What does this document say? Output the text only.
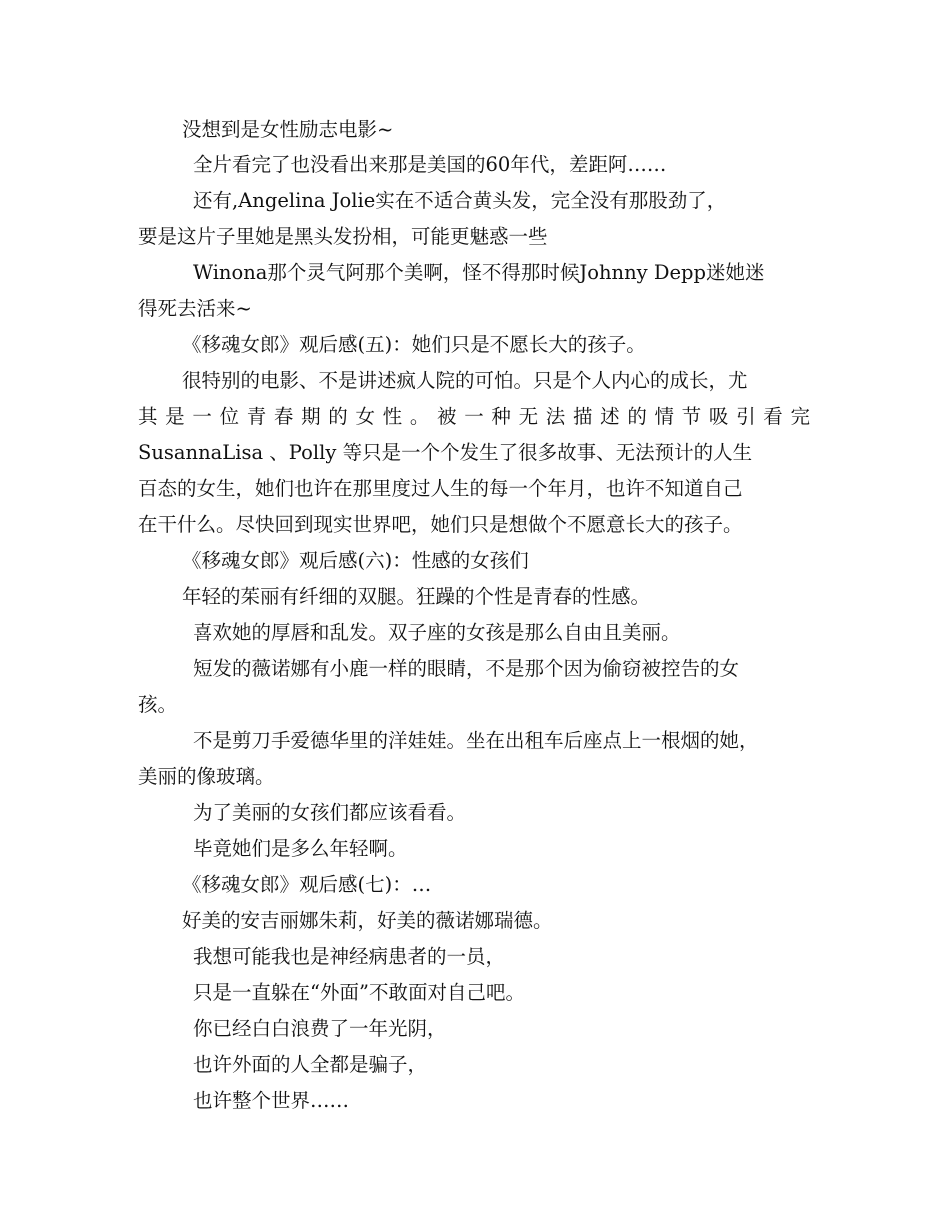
没想到是女性励志电影~
全片看完了也没看出来那是美国的60年代，差距阿……
还有,Angelina Jolie实在不适合黄头发，完全没有那股劲了，
要是这片子里她是黑头发扮相，可能更魅惑一些
Winona那个灵气阿那个美啊，怪不得那时候Johnny Depp迷她迷
得死去活来~
《移魂女郎》观后感(五)：她们只是不愿长大的孩子。
很特别的电影、不是讲述疯人院的可怕。只是个人内心的成长，尤
其是一位青春期的女性。被一种无法描述的情节吸引看完
SusannaLisa 、Polly 等只是一个个发生了很多故事、无法预计的人生
百态的女生，她们也许在那里度过人生的每一个年月，也许不知道自己
在干什么。尽快回到现实世界吧，她们只是想做个不愿意长大的孩子。
《移魂女郎》观后感(六)：性感的女孩们
年轻的茱丽有纤细的双腿。狂躁的个性是青春的性感。
喜欢她的厚唇和乱发。双子座的女孩是那么自由且美丽。
短发的薇诺娜有小鹿一样的眼睛，不是那个因为偷窃被控告的女
孩。
不是剪刀手爱德华里的洋娃娃。坐在出租车后座点上一根烟的她，
美丽的像玻璃。
为了美丽的女孩们都应该看看。
毕竟她们是多么年轻啊。
《移魂女郎》观后感(七)：…
好美的安吉丽娜朱莉，好美的薇诺娜瑞德。
我想可能我也是神经病患者的一员，
只是一直躲在“外面”不敢面对自己吧。
你已经白白浪费了一年光阴，
也许外面的人全都是骗子，
也许整个世界……
